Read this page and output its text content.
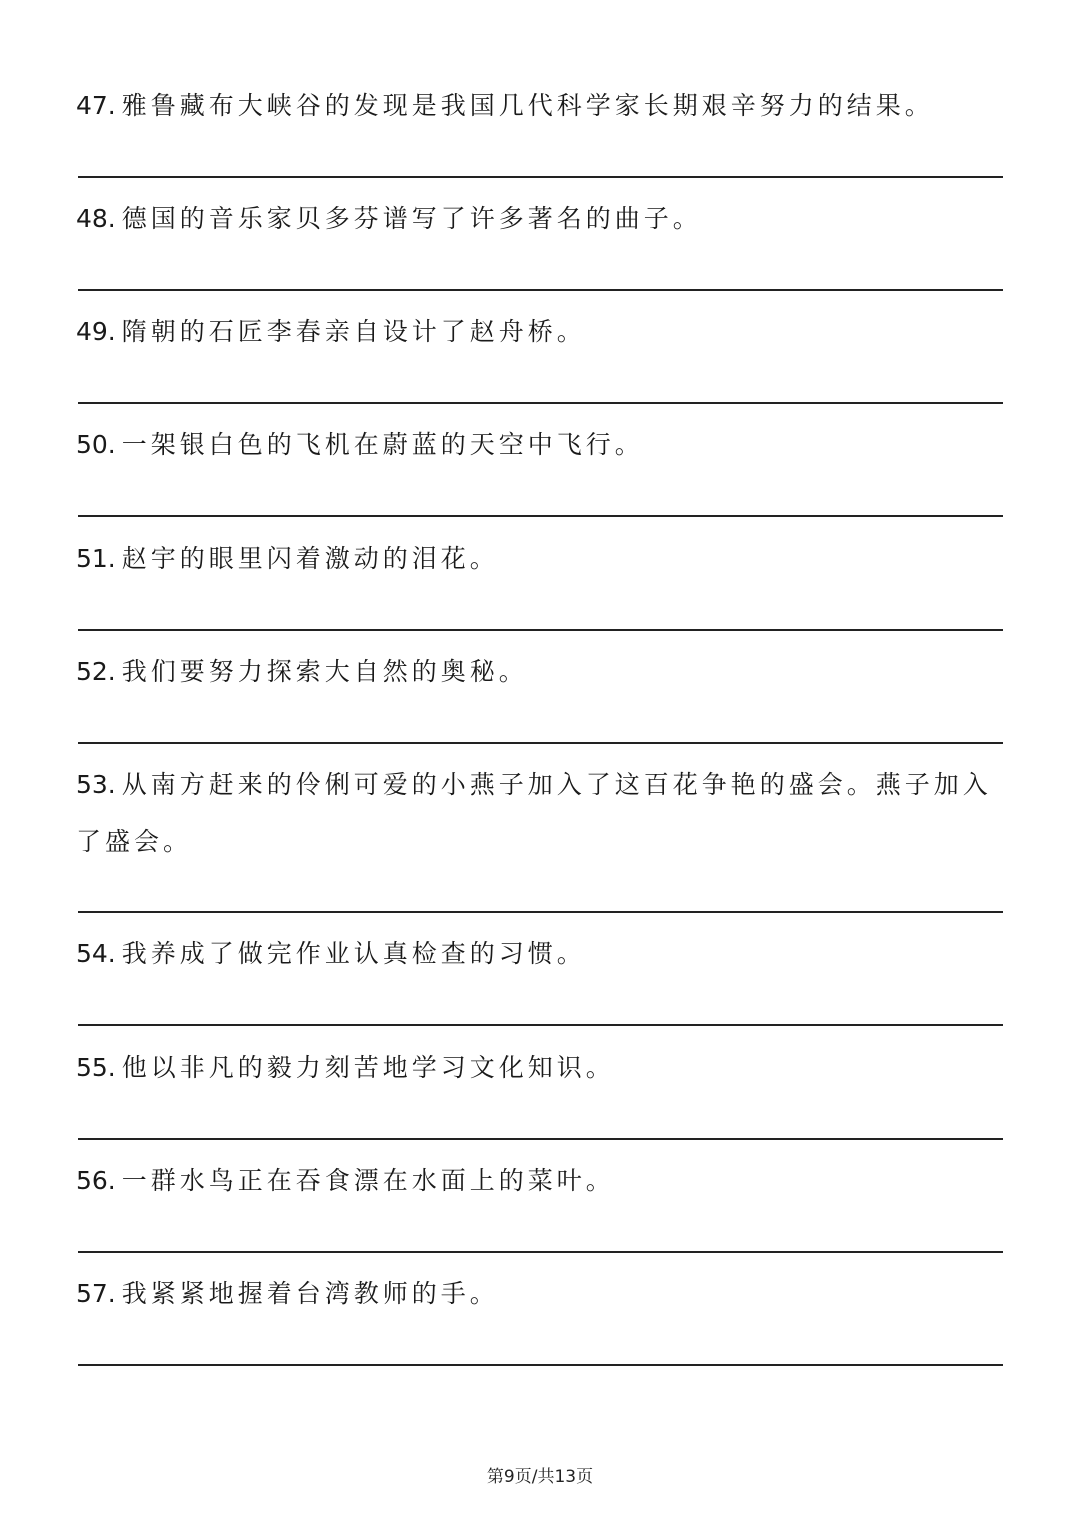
47. 雅鲁藏布大峡谷的发现是我国几代科学家长期艰辛努力的结果。
48. 德国的音乐家贝多芬谱写了许多著名的曲子。
49. 隋朝的石匠李春亲自设计了赵舟桥。
50. 一架银白色的飞机在蔚蓝的天空中飞行。
51. 赵宇的眼里闪着激动的泪花。
52. 我们要努力探索大自然的奥秘。
53. 从南方赶来的伶俐可爱的小燕子加入了这百花争艳的盛会。燕子加入了盛会。
54. 我养成了做完作业认真检查的习惯。
55. 他以非凡的毅力刻苦地学习文化知识。
56. 一群水鸟正在吞食漂在水面上的菜叶。
57. 我紧紧地握着台湾教师的手。
第9页/共13页
